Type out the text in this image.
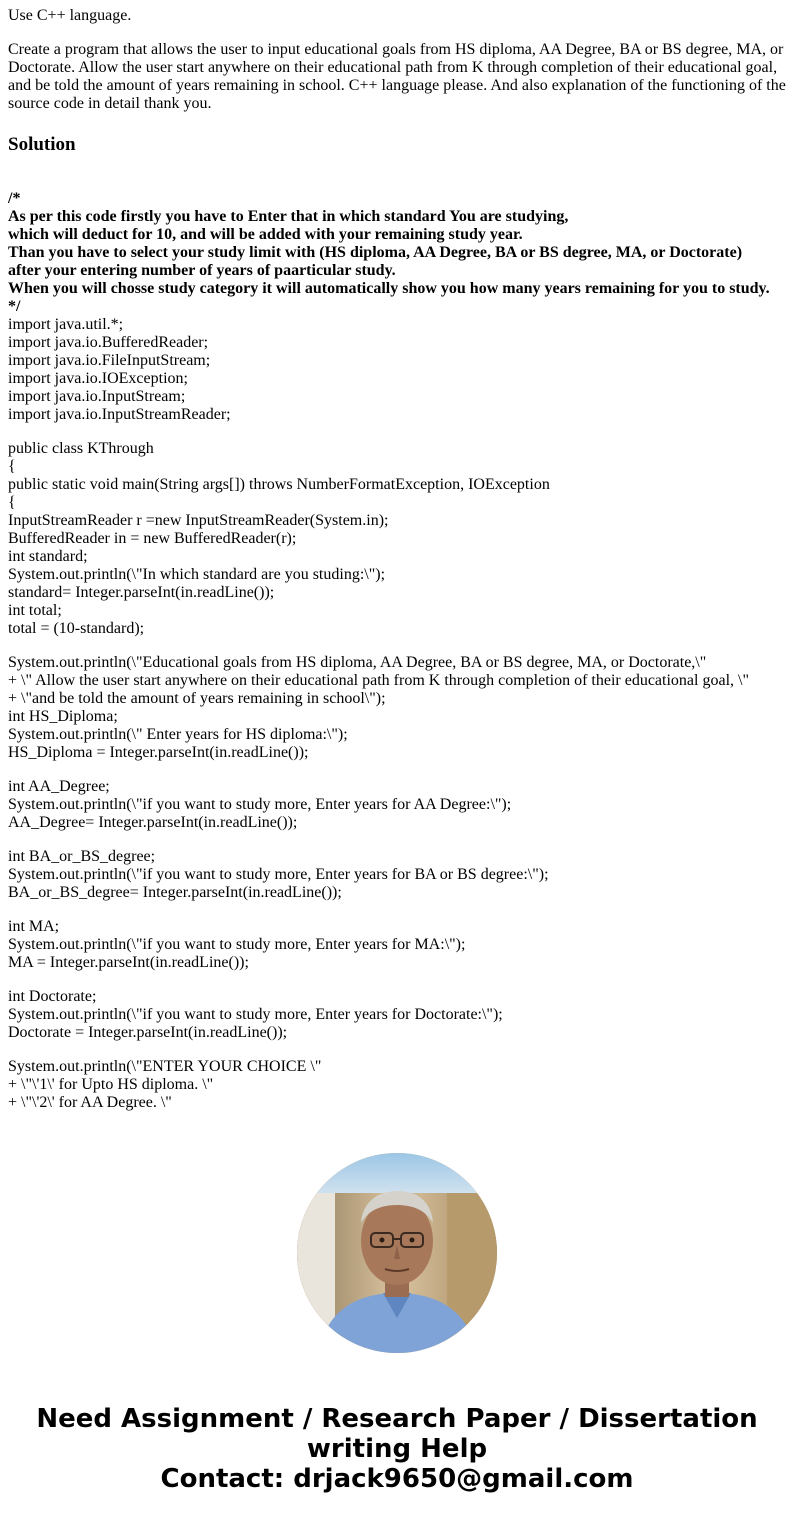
Use C++ language.

Create a program that allows the user to input educational goals from HS diploma, AA Degree, BA or BS degree, MA, or Doctorate. Allow the user start anywhere on their educational path from K through completion of their educational goal, and be told the amount of years remaining in school. C++ language please. And also explanation of the functioning of the source code in detail thank you.

Solution
/*
As per this code firstly you have to Enter that in which standard You are studying,
which will deduct for 10, and will be added with your remaining study year.
Than you have to select your study limit with (HS diploma, AA Degree, BA or BS degree, MA, or Doctorate)
after your entering number of years of paarticular study.
When you will chosse study category it will automatically show you how many years remaining for you to study.
*/
import java.util.*;
import java.io.BufferedReader;
import java.io.FileInputStream;
import java.io.IOException;
import java.io.InputStream;
import java.io.InputStreamReader;
public class KThrough
{
public static void main(String args[]) throws NumberFormatException, IOException
{
InputStreamReader r =new InputStreamReader(System.in);
BufferedReader in = new BufferedReader(r);
int standard;
System.out.println(\"In which standard are you studing:\");
standard= Integer.parseInt(in.readLine());
int total;
total = (10-standard);
System.out.println(\"Educational goals from HS diploma, AA Degree, BA or BS degree, MA, or Doctorate,\"
+ \" Allow the user start anywhere on their educational path from K through completion of their educational goal, \"
+ \"and be told the amount of years remaining in school\");
int HS_Diploma;
System.out.println(\" Enter years for HS diploma:\");
HS_Diploma = Integer.parseInt(in.readLine());
int AA_Degree;
System.out.println(\"if you want to study more, Enter years for AA Degree:\");
AA_Degree= Integer.parseInt(in.readLine());
int BA_or_BS_degree;
System.out.println(\"if you want to study more, Enter years for BA or BS degree:\");
BA_or_BS_degree= Integer.parseInt(in.readLine());
int MA;
System.out.println(\"if you want to study more, Enter years for MA:\");
MA = Integer.parseInt(in.readLine());
int Doctorate;
System.out.println(\"if you want to study more, Enter years for Doctorate:\");
Doctorate = Integer.parseInt(in.readLine());
System.out.println(\"ENTER YOUR CHOICE \"
+ \"\'1\' for Upto HS diploma. \"
+ \"\'2\' for AA Degree. \"
Need Assignment / Research Paper / Dissertation
writing Help
Contact: drjack9650@gmail.com
